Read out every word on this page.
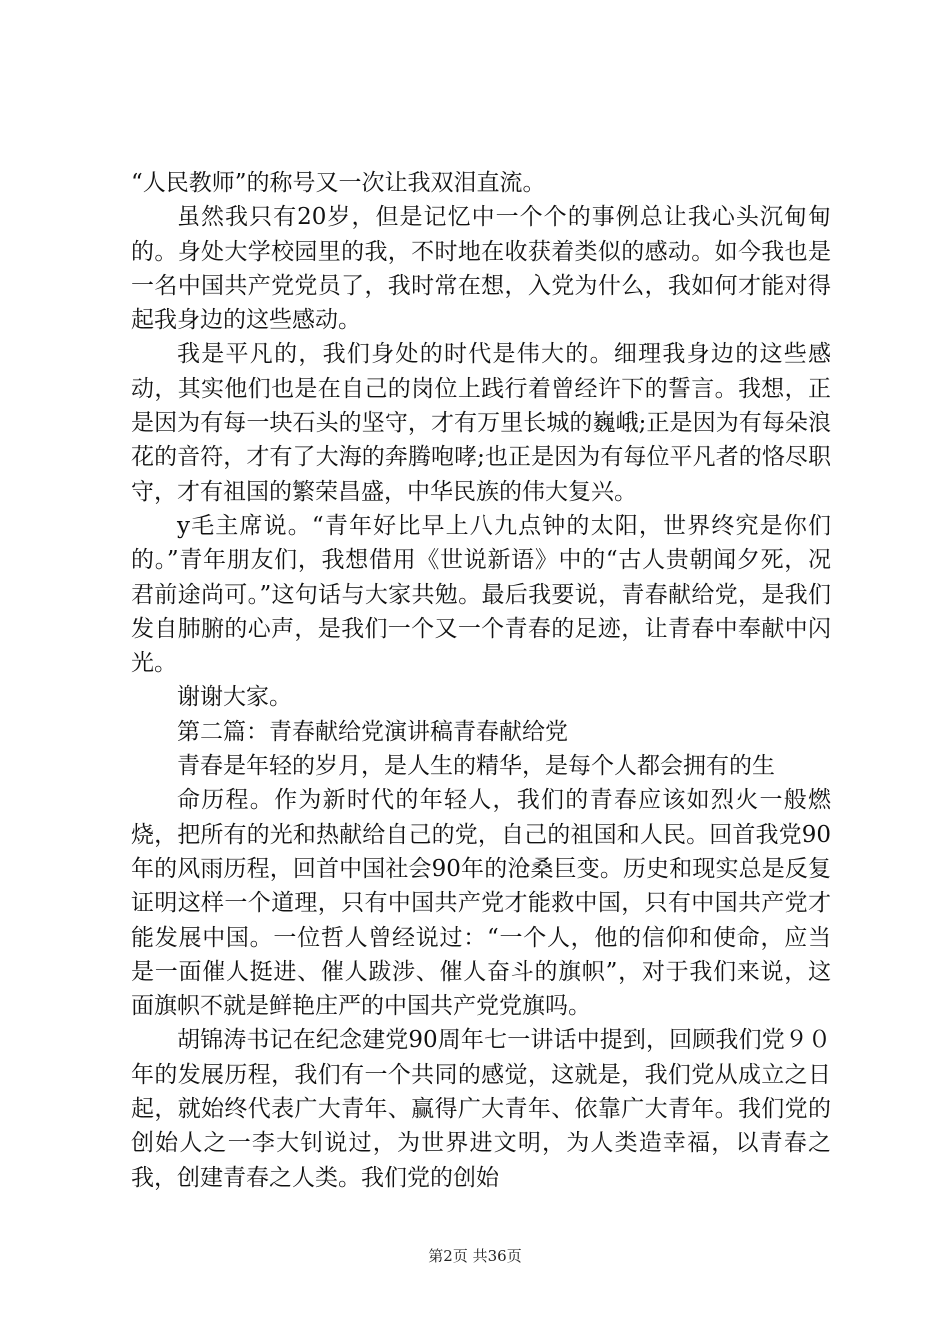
“人民教师”的称号又一次让我双泪直流。

虽然我只有20岁，但是记忆中一个个的事例总让我心头沉甸甸的。身处大学校园里的我，不时地在收获着类似的感动。如今我也是一名中国共产党党员了，我时常在想，入党为什么，我如何才能对得起我身边的这些感动。

我是平凡的，我们身处的时代是伟大的。细理我身边的这些感动，其实他们也是在自己的岗位上践行着曾经许下的誓言。我想，正是因为有每一块石头的坚守，才有万里长城的巍峨;正是因为有每朵浪花的音符，才有了大海的奔腾咆哮;也正是因为有每位平凡者的恪尽职守，才有祖国的繁荣昌盛，中华民族的伟大复兴。

y毛主席说。“青年好比早上八九点钟的太阳，世界终究是你们的。”青年朋友们，我想借用《世说新语》中的“古人贵朝闻夕死，况君前途尚可。”这句话与大家共勉。最后我要说，青春献给党，是我们发自肺腑的心声，是我们一个又一个青春的足迹，让青春中奉献中闪光。

谢谢大家。

第二篇：青春献给党演讲稿青春献给党

青春是年轻的岁月，是人生的精华，是每个人都会拥有的生

命历程。作为新时代的年轻人，我们的青春应该如烈火一般燃烧，把所有的光和热献给自己的党，自己的祖国和人民。回首我党90年的风雨历程，回首中国社会90年的沧桑巨变。历史和现实总是反复证明这样一个道理，只有中国共产党才能救中国，只有中国共产党才能发展中国。一位哲人曾经说过：“一个人，他的信仰和使命，应当是一面催人挺进、催人跋涉、催人奋斗的旗帜”，对于我们来说，这面旗帜不就是鲜艳庄严的中国共产党党旗吗。

胡锦涛书记在纪念建党90周年七一讲话中提到，回顾我们党９０年的发展历程，我们有一个共同的感觉，这就是，我们党从成立之日起，就始终代表广大青年、赢得广大青年、依靠广大青年。我们党的创始人之一李大钊说过，为世界进文明，为人类造幸福，以青春之我，创建青春之人类。我们党的创始

第2页 共36页
